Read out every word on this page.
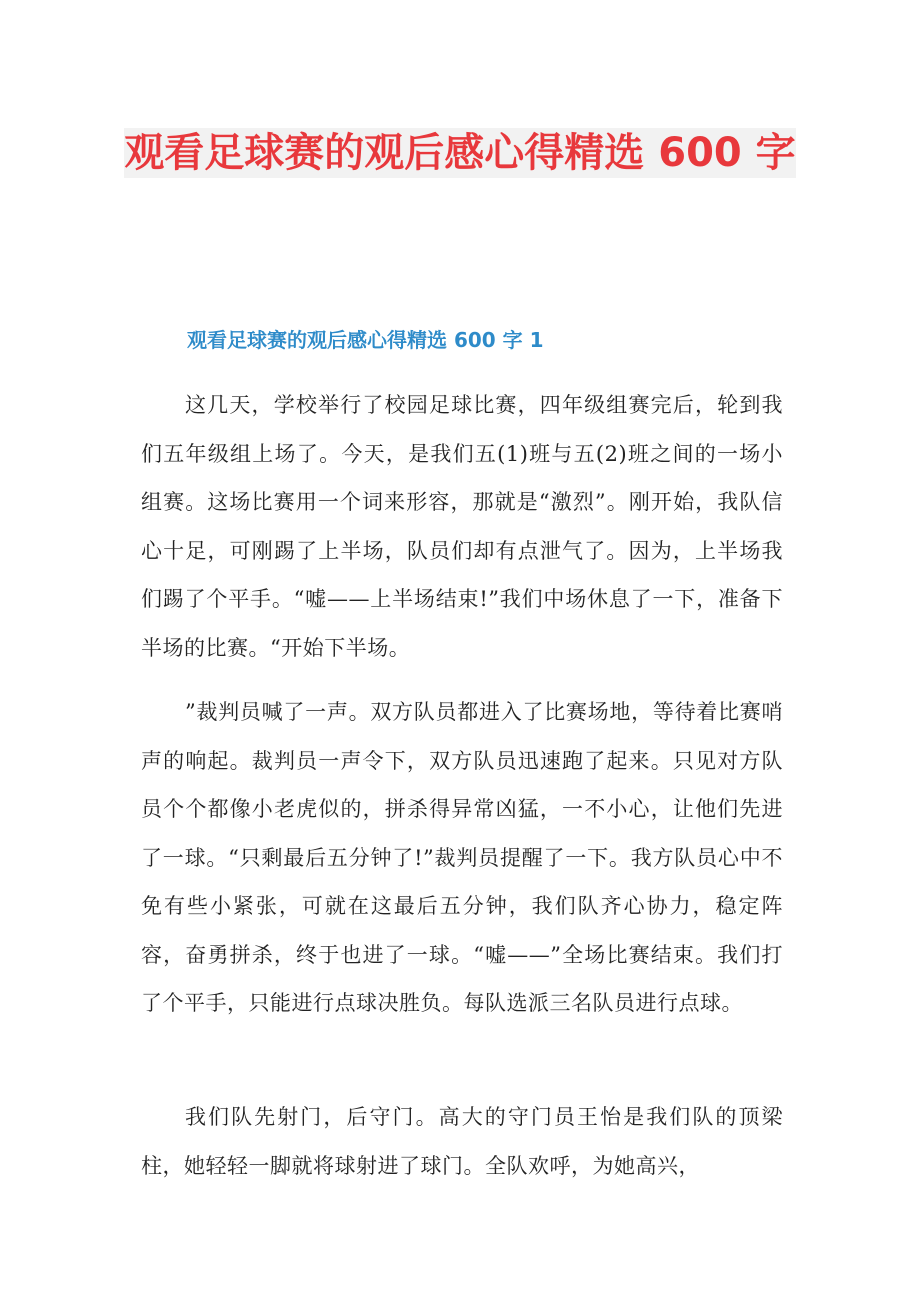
观看足球赛的观后感心得精选 600 字
观看足球赛的观后感心得精选 600 字 1

这几天，学校举行了校园足球比赛，四年级组赛完后，轮到我们五年级组上场了。今天，是我们五(1)班与五(2)班之间的一场小组赛。这场比赛用一个词来形容，那就是“激烈”。刚开始，我队信心十足，可刚踢了上半场，队员们却有点泄气了。因为，上半场我们踢了个平手。“嘘——上半场结束!”我们中场休息了一下，准备下半场的比赛。“开始下半场。

”裁判员喊了一声。双方队员都进入了比赛场地，等待着比赛哨声的响起。裁判员一声令下，双方队员迅速跑了起来。只见对方队员个个都像小老虎似的，拼杀得异常凶猛，一不小心，让他们先进了一球。“只剩最后五分钟了!”裁判员提醒了一下。我方队员心中不免有些小紧张，可就在这最后五分钟，我们队齐心协力，稳定阵容，奋勇拼杀，终于也进了一球。“嘘——”全场比赛结束。我们打了个平手，只能进行点球决胜负。每队选派三名队员进行点球。

我们队先射门，后守门。高大的守门员王怡是我们队的顶梁柱，她轻轻一脚就将球射进了球门。全队欢呼，为她高兴，
